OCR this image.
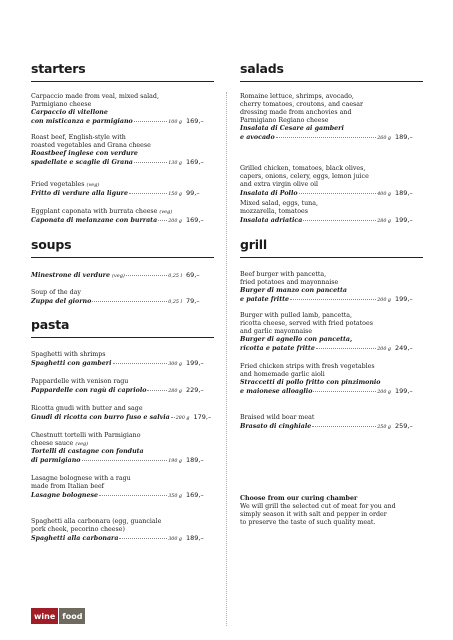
starters
Carpaccio made from veal, mixed salad,
Parmigiano cheese
Carpaccio di vitellone
con misticanza e parmigiano	100 g 169,–
Roast beef, English-style with
roasted vegetables and Grana cheese
Roastbeef inglese con verdure
spadellate e scaglie di Grana	130 g 169,–
Fried vegetables (veg)
Fritto di verdure alla ligure	150 g 99,–
Eggplant caponata with burrata cheese (veg)
Caponata di melanzane con burrata 200 g 169,–
soups
Minestrone di verdure (veg)	0,25 l 69,–
Soup of the day
Zuppa del giorno	0,25 l 79,–
pasta
Spaghetti with shrimps
Spaghetti con gamberi	300 g 199,–
Pappardelle with venison ragu
Pappardelle con ragù di capriolo	280 g 229,–
Ricotta gnudi with butter and sage
Gnudi di ricotta con burro fuso e salvia 280 g 179,–
Chestnutt tortelli with Parmigiano
cheese sauce (veg)
Tortelli di castagne con fonduta
di parmigiano	190 g 189,–
Lasagne bolognese with a ragu
made from Italian beef
Lasagne bolognese	350 g 169,–
Spaghetti alla carbonara (egg, guanciale
pork cheek, pecorino cheese)
Spaghetti alla carbonara	300 g 189,–
salads
Romaine lettuce, shrimps, avocado,
cherry tomatoes, croutons, and caesar
dressing made from anchovies and
Parmigiano Regiano cheese
Insalata di Cesare ai gamberi
e avocado	260 g 189,–
Grilled chicken, tomatoes, black olives,
capers, onions, celery, eggs, lemon juice
and extra virgin olive oil
Insalata di Pollo	400 g 189,–
Mixed salad, eggs, tuna,
mozzarella, tomatoes
Insalata adriatica	280 g 199,–
grill
Beef burger with pancetta,
fried potatoes and mayonnaise
Burger di manzo con pancetta
e patate fritte	200 g 199,–
Burger with pulled lamb, pancetta,
ricotta cheese, served with fried potatoes
and garlic mayonnaise
Burger di agnello con pancetta,
ricotta e patate fritte	200 g 249,–
Fried chicken strips with fresh vegetables
and homemade garlic aioli
Straccetti di pollo fritto con pinzimonio
e maionese alloaglio	200 g 199,–
Braised wild boar meat
Brasato di cinghiale	250 g 259,–
Choose from our curing chamber
We will grill the selected cut of meat for you and
simply season it with salt and pepper in order
to preserve the taste of such quality meat.
wine food
